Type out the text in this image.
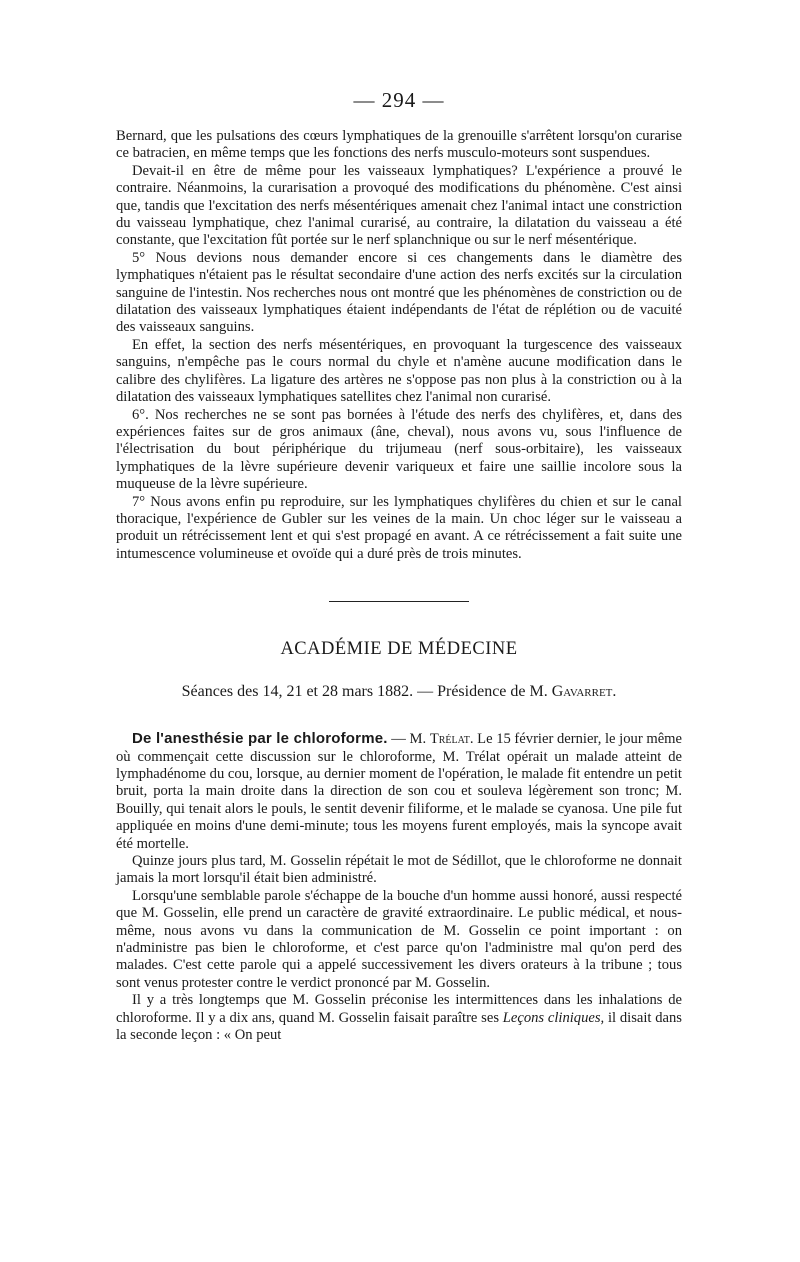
— 294 —

Bernard, que les pulsations des cœurs lymphatiques de la grenouille s'arrêtent lorsqu'on curarise ce batracien, en même temps que les fonctions des nerfs musculo-moteurs sont suspendues.

Devait-il en être de même pour les vaisseaux lymphatiques? L'expérience a prouvé le contraire. Néanmoins, la curarisation a provoqué des modifications du phénomène. C'est ainsi que, tandis que l'excitation des nerfs mésentériques amenait chez l'animal intact une constriction du vaisseau lymphatique, chez l'animal curarisé, au contraire, la dilatation du vaisseau a été constante, que l'excitation fût portée sur le nerf splanchnique ou sur le nerf mésentérique.

5° Nous devions nous demander encore si ces changements dans le diamètre des lymphatiques n'étaient pas le résultat secondaire d'une action des nerfs excités sur la circulation sanguine de l'intestin. Nos recherches nous ont montré que les phénomènes de constriction ou de dilatation des vaisseaux lymphatiques étaient indépendants de l'état de réplétion ou de vacuité des vaisseaux sanguins.

En effet, la section des nerfs mésentériques, en provoquant la turgescence des vaisseaux sanguins, n'empêche pas le cours normal du chyle et n'amène aucune modification dans le calibre des chylifères. La ligature des artères ne s'oppose pas non plus à la constriction ou à la dilatation des vaisseaux lymphatiques satellites chez l'animal non curarisé.

6°. Nos recherches ne se sont pas bornées à l'étude des nerfs des chylifères, et, dans des expériences faites sur de gros animaux (âne, cheval), nous avons vu, sous l'influence de l'électrisation du bout périphérique du trijumeau (nerf sous-orbitaire), les vaisseaux lymphatiques de la lèvre supérieure devenir variqueux et faire une saillie incolore sous la muqueuse de la lèvre supérieure.

7° Nous avons enfin pu reproduire, sur les lymphatiques chylifères du chien et sur le canal thoracique, l'expérience de Gubler sur les veines de la main. Un choc léger sur le vaisseau a produit un rétrécissement lent et qui s'est propagé en avant. A ce rétrécissement a fait suite une intumescence volumineuse et ovoïde qui a duré près de trois minutes.

ACADÉMIE DE MÉDECINE
Séances des 14, 21 et 28 mars 1882. — Présidence de M. Gavarret.

De l'anesthésie par le chloroforme. — M. Trélat. Le 15 février dernier, le jour même où commençait cette discussion sur le chloroforme, M. Trélat opérait un malade atteint de lymphadénome du cou, lorsque, au dernier moment de l'opération, le malade fit entendre un petit bruit, porta la main droite dans la direction de son cou et souleva légèrement son tronc; M. Bouilly, qui tenait alors le pouls, le sentit devenir filiforme, et le malade se cyanosa. Une pile fut appliquée en moins d'une demi-minute; tous les moyens furent employés, mais la syncope avait été mortelle.

Quinze jours plus tard, M. Gosselin répétait le mot de Sédillot, que le chloroforme ne donnait jamais la mort lorsqu'il était bien administré.

Lorsqu'une semblable parole s'échappe de la bouche d'un homme aussi honoré, aussi respecté que M. Gosselin, elle prend un caractère de gravité extraordinaire. Le public médical, et nous-même, nous avons vu dans la communication de M. Gosselin ce point important : on n'administre pas bien le chloroforme, et c'est parce qu'on l'administre mal qu'on perd des malades. C'est cette parole qui a appelé successivement les divers orateurs à la tribune ; tous sont venus protester contre le verdict prononcé par M. Gosselin.

Il y a très longtemps que M. Gosselin préconise les intermittences dans les inhalations de chloroforme. Il y a dix ans, quand M. Gosselin faisait paraître ses Leçons cliniques, il disait dans la seconde leçon : « On peut
